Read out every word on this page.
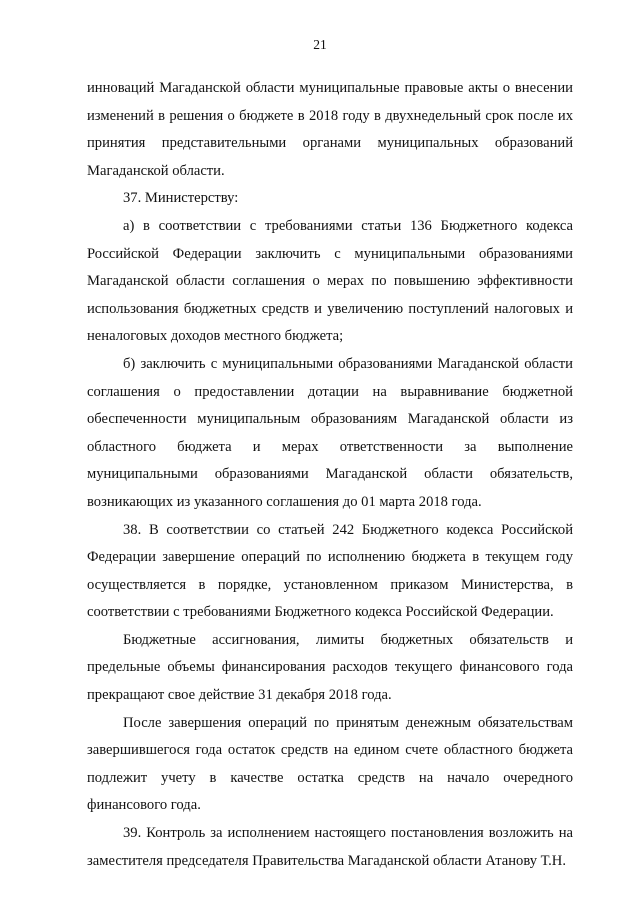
21

инноваций Магаданской области муниципальные правовые акты о внесении изменений в решения о бюджете в 2018 году в двухнедельный срок после их принятия представительными органами муниципальных образований Магаданской области.

37. Министерству:

а) в соответствии с требованиями статьи 136 Бюджетного кодекса Российской Федерации заключить с муниципальными образованиями Магаданской области соглашения о мерах по повышению эффективности использования бюджетных средств и увеличению поступлений налоговых и неналоговых доходов местного бюджета;

б) заключить с муниципальными образованиями Магаданской области соглашения о предоставлении дотации на выравнивание бюджетной обеспеченности муниципальным образованиям Магаданской области из областного бюджета и мерах ответственности за выполнение муниципальными образованиями Магаданской области обязательств, возникающих из указанного соглашения до 01 марта 2018 года.

38. В соответствии со статьей 242 Бюджетного кодекса Российской Федерации завершение операций по исполнению бюджета в текущем году осуществляется в порядке, установленном приказом Министерства, в соответствии с требованиями Бюджетного кодекса Российской Федерации.

Бюджетные ассигнования, лимиты бюджетных обязательств и предельные объемы финансирования расходов текущего финансового года прекращают свое действие 31 декабря 2018 года.

После завершения операций по принятым денежным обязательствам завершившегося года остаток средств на едином счете областного бюджета подлежит учету в качестве остатка средств на начало очередного финансового года.

39. Контроль за исполнением настоящего постановления возложить на заместителя председателя Правительства Магаданской области Атанову Т.Н.
